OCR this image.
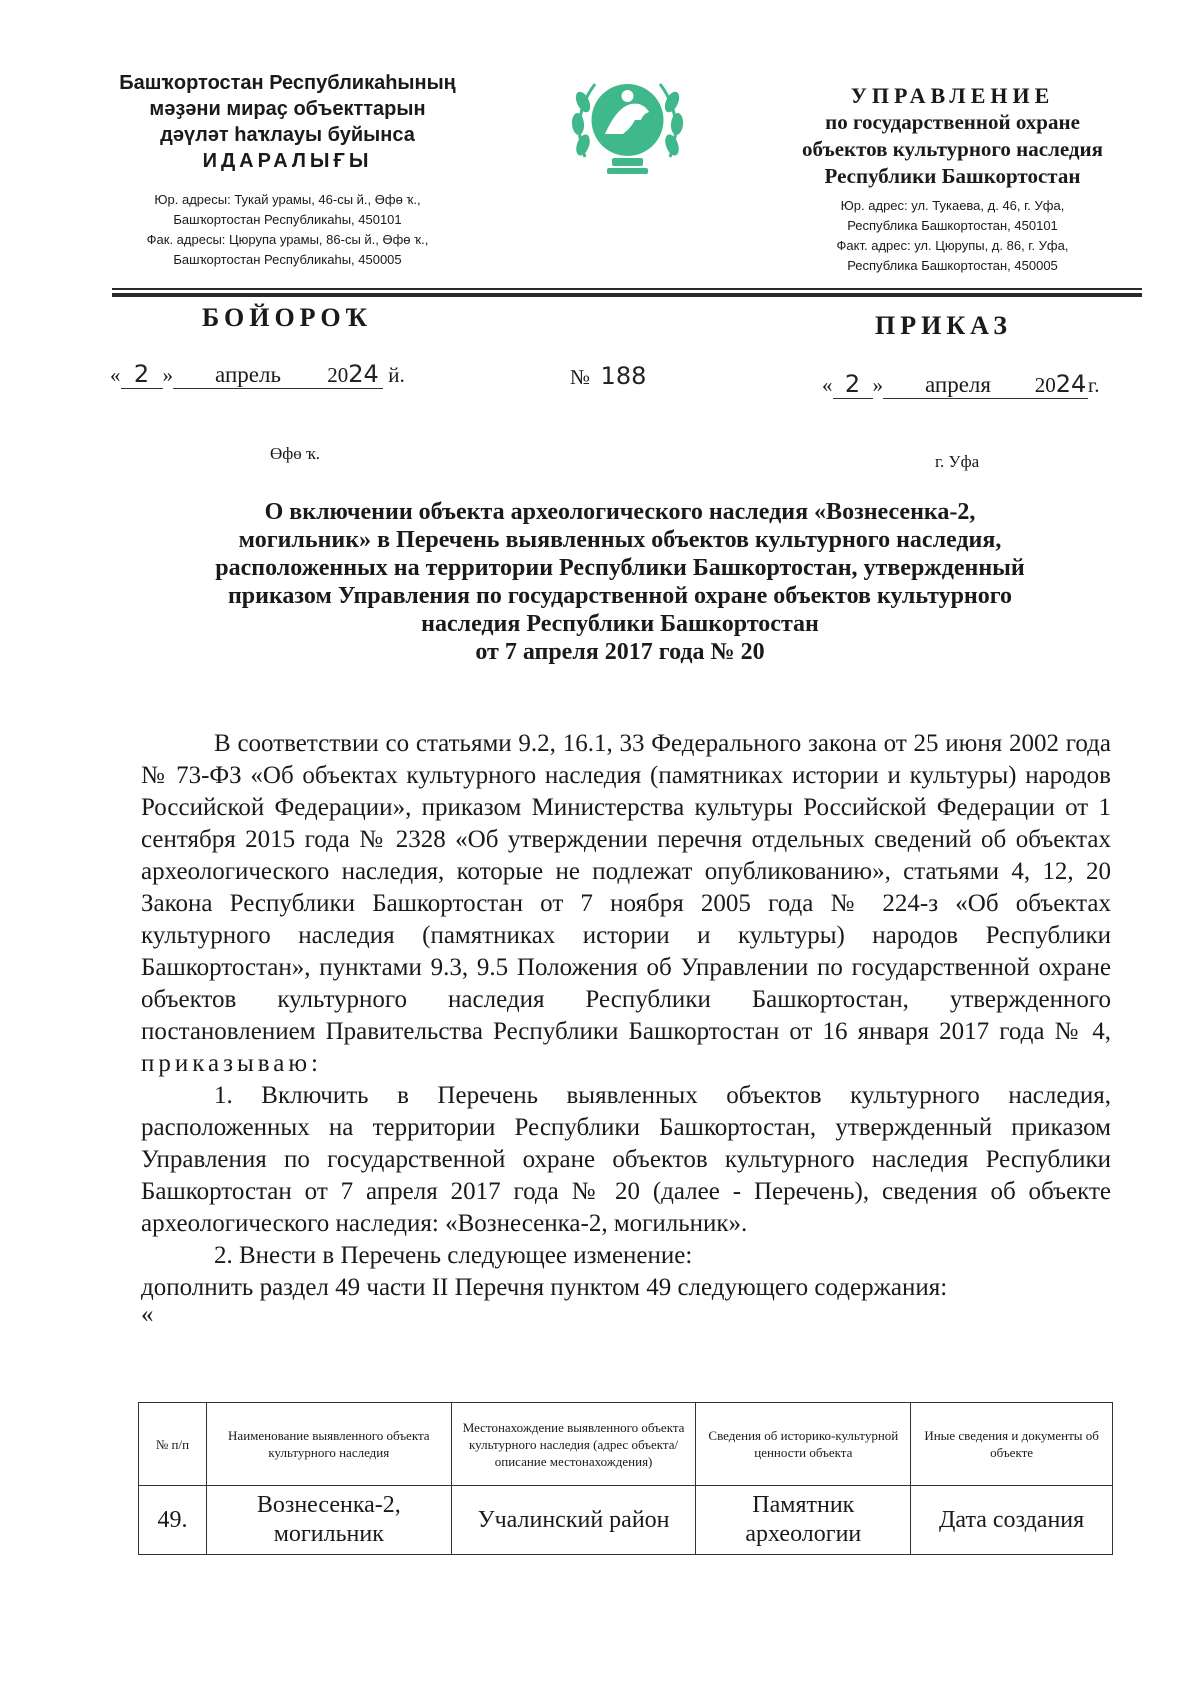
Башҡортостан Республикаһының
мәҙәни мираҫ объекттарын
дәүләт һаҡлауы буйынса
ИДАРАЛЫҒЫ
Юр. адресы: Тукай урамы, 46-сы й., Өфө ҡ.,
Башҡортостан Республикаһы, 450101
Фак. адресы: Цюрупа урамы, 86-сы й., Өфө ҡ.,
Башҡортостан Республикаһы, 450005
УПРАВЛЕНИЕ
по государственной охране
объектов культурного наследия
Республики Башкортостан
Юр. адрес: ул. Тукаева, д. 46, г. Уфа,
Республика Башкортостан, 450101
Факт. адрес: ул. Цюрупы, д. 86, г. Уфа,
Республика Башкортостан, 450005
БОЙОРОҠ	ПРИКАЗ
« 2 » апрель 2024 й.	№ 188	« 2 » апреля 2024г.
Өфө ҡ.	г. Уфа
О включении объекта археологического наследия «Вознесенка-2,
могильник» в Перечень выявленных объектов культурного наследия,
расположенных на территории Республики Башкортостан, утвержденный
приказом Управления по государственной охране объектов культурного
наследия Республики Башкортостан
от 7 апреля 2017 года № 20

В соответствии со статьями 9.2, 16.1, 33 Федерального закона от 25 июня 2002 года № 73-ФЗ «Об объектах культурного наследия (памятниках истории и культуры) народов Российской Федерации», приказом Министерства культуры Российской Федерации от 1 сентября 2015 года № 2328 «Об утверждении перечня отдельных сведений об объектах археологического наследия, которые не подлежат опубликованию», статьями 4, 12, 20 Закона Республики Башкортостан от 7 ноября 2005 года № 224-з «Об объектах культурного наследия (памятниках истории и культуры) народов Республики Башкортостан», пунктами 9.3, 9.5 Положения об Управлении по государственной охране объектов культурного наследия Республики Башкортостан, утвержденного постановлением Правительства Республики Башкортостан от 16 января 2017 года № 4, приказываю:

1. Включить в Перечень выявленных объектов культурного наследия, расположенных на территории Республики Башкортостан, утвержденный приказом Управления по государственной охране объектов культурного наследия Республики Башкортостан от 7 апреля 2017 года № 20 (далее - Перечень), сведения об объекте археологического наследия: «Вознесенка-2, могильник».

2. Внести в Перечень следующее изменение:

дополнить раздел 49 части II Перечня пунктом 49 следующего содержания:

«

№ п/п	Наименование выявленного объекта культурного наследия	Местонахождение выявленного объекта культурного наследия (адрес объекта/описание местонахождения)	Сведения об историко-культурной ценности объекта	Иные сведения и документы об объекте
49.	Вознесенка-2, могильник	Учалинский район	Памятник археологии	Дата создания
